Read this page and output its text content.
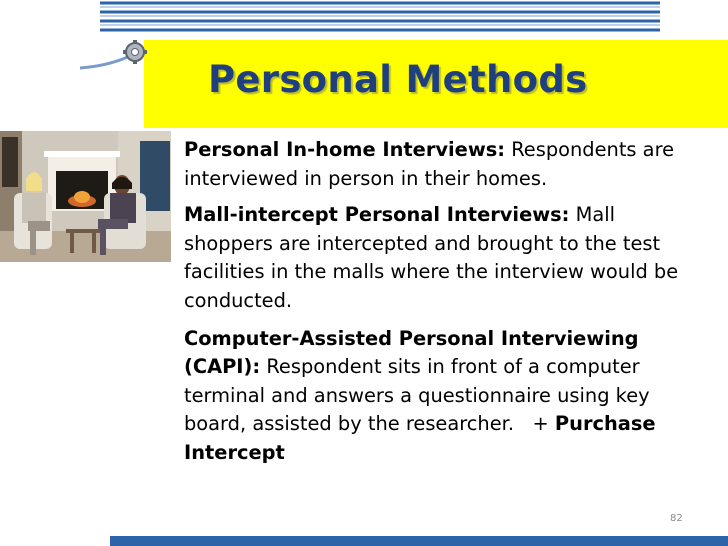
Personal Methods

Personal In-home Interviews: Respondents are interviewed in person in their homes.

Mall-intercept Personal Interviews: Mall shoppers are intercepted and brought to the test facilities in the malls where the interview would be conducted.

Computer-Assisted Personal Interviewing (CAPI): Respondent sits in front of a computer terminal and answers a questionnaire using key board, assisted by the researcher.   + Purchase Intercept

82
